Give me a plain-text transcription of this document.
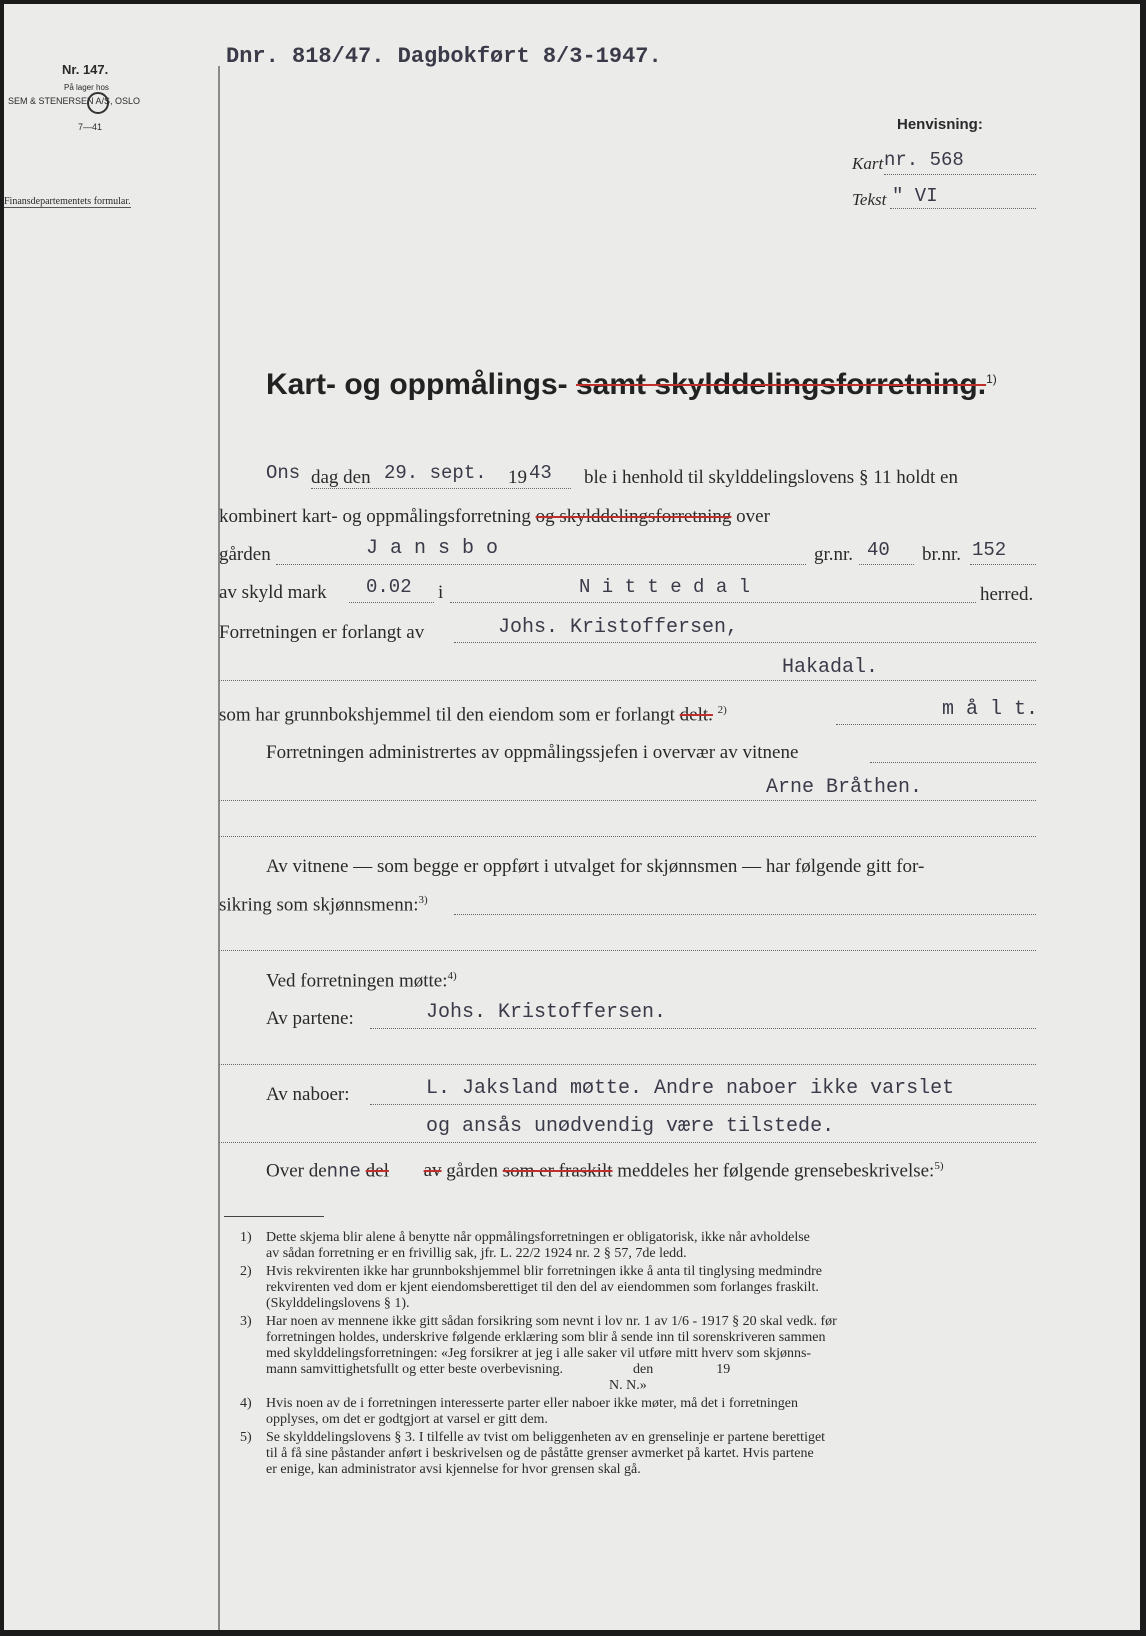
Nr. 147.
På lager hos
SEM & STENERSEN A/S, OSLO
7—41
Finansdepartementets formular.
Dnr. 818/47. Dagbokført 8/3-1947.
Henvisning:
Kart nr. 568
Tekst " VI
Kart- og oppmålings- samt skylddelingsforretning.$^{1)}$
Ons dag den 29. sept. 19 43 ble i henhold til skylddelingslovens § 11 holdt en
kombinert kart- og oppmålingsforretning og skylddelingsforretning over
gården	J a n s b o	gr.nr. 40 br.nr. 152
av skyld mark 0.02 i	N i t t e d a l	herred.
Forretningen er forlangt av	Johs. Kristoffersen,
Hakadal.
som har grunnbokshjemmel til den eiendom som er forlangt delt. $^{2)}$	m å l t.
Forretningen administrertes av oppmålingssjefen i overvær av vitnene
Arne Bråthen.
Av vitnene — som begge er oppført i utvalget for skjønnsmen — har følgende gitt for-
sikring som skjønnsmenn:$^{3)}$
Ved forretningen møtte:$^{4)}$
Av partene:	Johs. Kristoffersen.
Av naboer:	L. Jaksland møtte. Andre naboer ikke varslet
og ansås unødvendig være tilstede.
Over denne del av gården som er fraskilt meddeles her følgende grensebeskrivelse:$^{5)}$
1) Dette skjema blir alene å benytte når oppmålingsforretningen er obligatorisk, ikke når avholdelse
av sådan forretning er en frivillig sak, jfr. L. 22/2 1924 nr. 2 § 57, 7de ledd.
2) Hvis rekvirenten ikke har grunnbokshjemmel blir forretningen ikke å anta til tinglysing medmindre
rekvirenten ved dom er kjent eiendomsberettiget til den del av eiendommen som forlanges fraskilt.
(Skylddelingslovens § 1).
3) Har noen av mennene ikke gitt sådan forsikring som nevnt i lov nr. 1 av 1/6 - 1917 § 20 skal vedk. før
forretningen holdes, underskrive følgende erklæring som blir å sende inn til sorenskriveren sammen
med skylddelingsforretningen: «Jeg forsikrer at jeg i alle saker vil utføre mitt hverv som skjønns-
mann samvittighetsfullt og etter beste overbevisning.                    den                  19
N. N.»
4) Hvis noen av de i forretningen interesserte parter eller naboer ikke møter, må det i forretningen
opplyses, om det er godtgjort at varsel er gitt dem.
5) Se skylddelingslovens § 3. I tilfelle av tvist om beliggenheten av en grenselinje er partene berettiget
til å få sine påstander anført i beskrivelsen og de påståtte grenser avmerket på kartet. Hvis partene
er enige, kan administrator avsi kjennelse for hvor grensen skal gå.
